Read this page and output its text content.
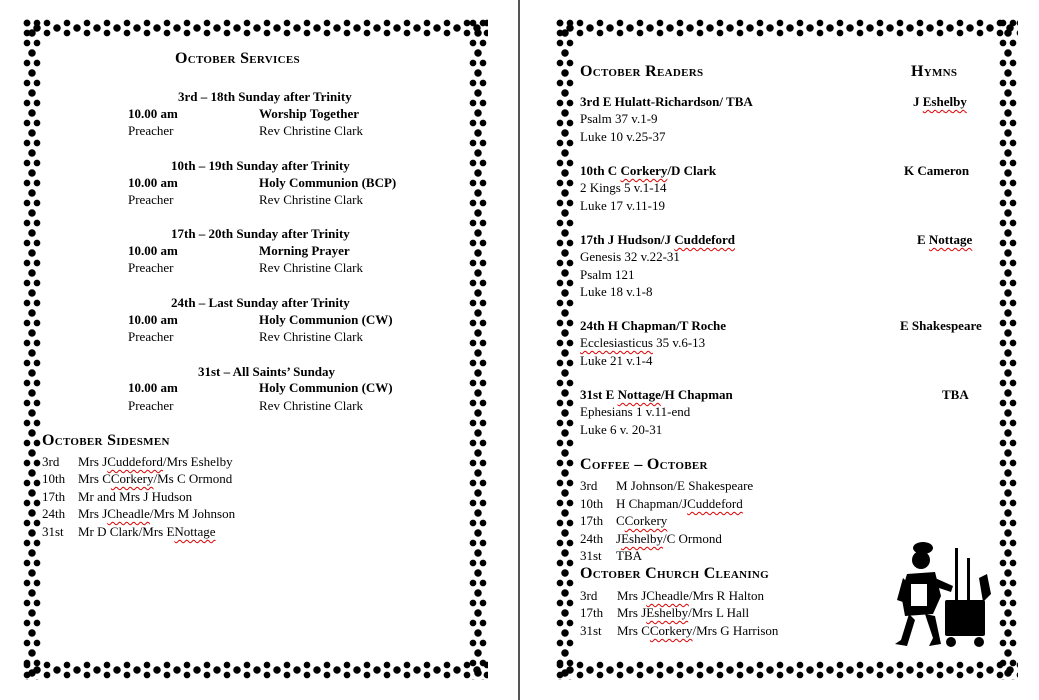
October Services
3rd – 18th Sunday after Trinity
10.00 am	Worship Together
Preacher	Rev Christine Clark
10th – 19th Sunday after Trinity
10.00 am	Holy Communion (BCP)
Preacher	Rev Christine Clark
17th – 20th Sunday after Trinity
10.00 am	Morning Prayer
Preacher	Rev Christine Clark
24th – Last Sunday after Trinity
10.00 am	Holy Communion (CW)
Preacher	Rev Christine Clark
31st – All Saints’ Sunday
10.00 am	Holy Communion (CW)
Preacher	Rev Christine Clark
October Sidesmen
3rd Mrs JCuddeford/Mrs Eshelby
10th Mrs CCorkery/Ms C Ormond
17th Mr and Mrs J Hudson
24th Mrs JCheadle/Mrs M Johnson
31st Mr D Clark/Mrs ENottage
October Readers	Hymns
3rd E Hulatt-Richardson/ TBA	J Eshelby
Psalm 37 v.1-9
Luke 10 v.25-37
10th C Corkery/D Clark	K Cameron
2 Kings 5 v.1-14
Luke 17 v.11-19
17th J Hudson/J Cuddeford	E Nottage
Genesis 32 v.22-31
Psalm 121
Luke 18 v.1-8
24th H Chapman/T Roche	E Shakespeare
Ecclesiasticus 35 v.6-13
Luke 21 v.1-4
31st E Nottage/H Chapman	TBA
Ephesians 1 v.11-end
Luke 6 v. 20-31
Coffee – October
3rd M Johnson/E Shakespeare
10th H Chapman/JCuddeford
17th CCorkery
24th JEshelby/C Ormond
31st TBA
October Church Cleaning
3rd Mrs JCheadle/Mrs R Halton
17th Mrs JEshelby/Mrs L Hall
31st Mrs CCorkery/Mrs G Harrison
